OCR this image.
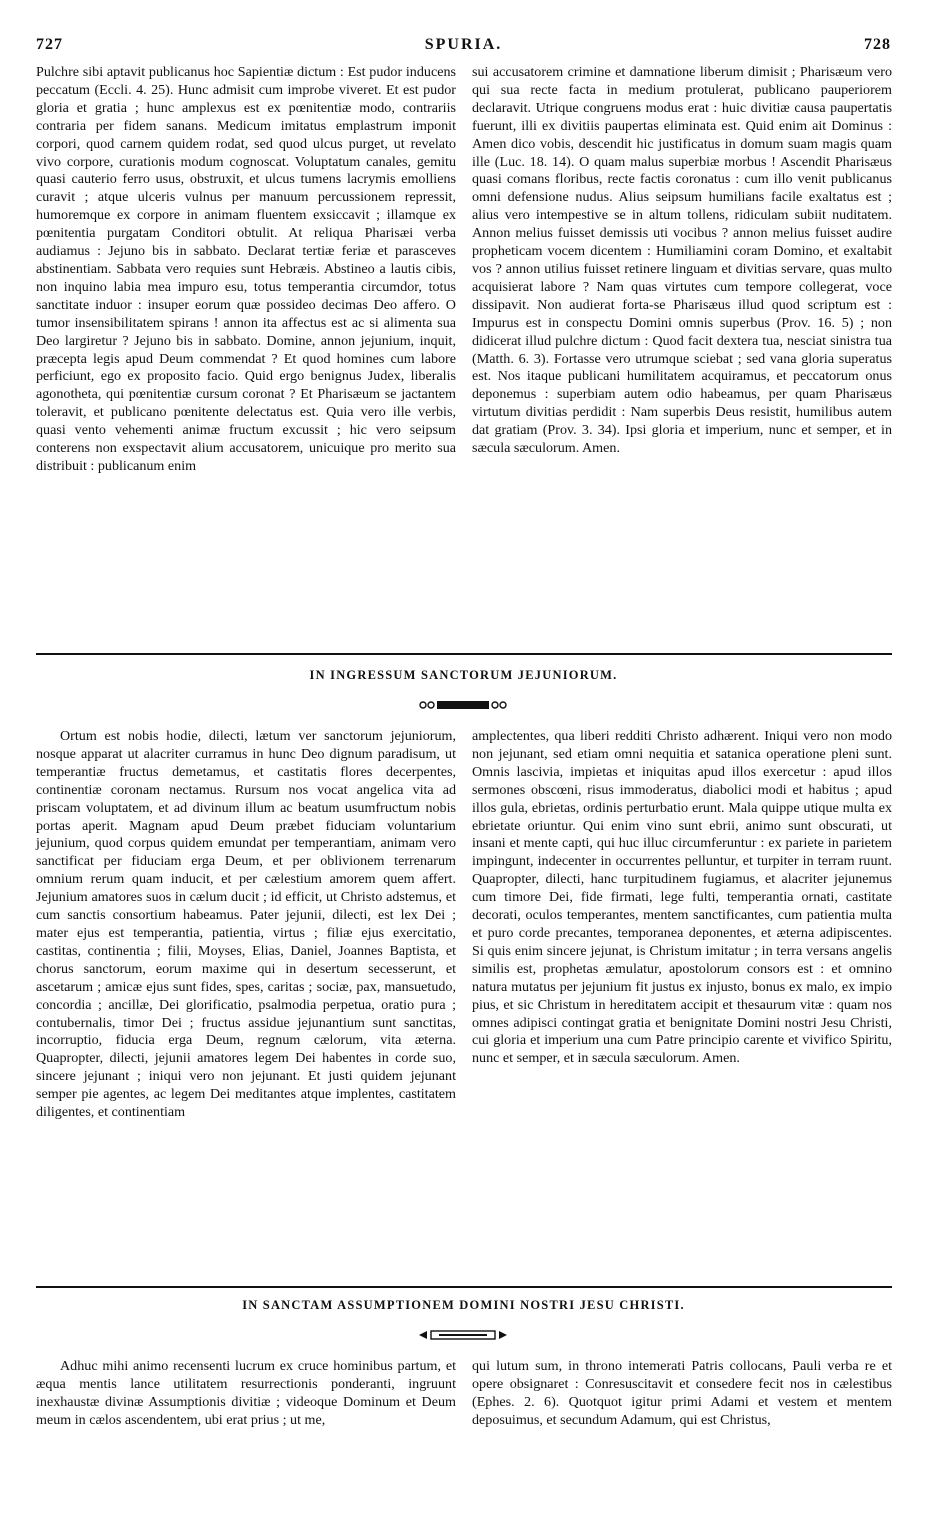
727	SPURIA.	728

Pulchre sibi aptavit publicanus hoc Sapientiæ dictum : Est pudor inducens peccatum (Eccli. 4. 25). Hunc admisit cum improbe viveret. Et est pudor gloria et gratia ; hunc amplexus est ex pœnitentiæ modo, contrariis contraria per fidem sanans. Medicum imitatus emplastrum imponit corpori, quod carnem quidem rodat, sed quod ulcus purget, ut revelato vivo corpore, curationis modum cognoscat. Voluptatum canales, gemitu quasi cauterio ferro usus, obstruxit, et ulcus tumens lacrymis emolliens curavit ; atque ulceris vulnus per manuum percussionem repressit, humoremque ex corpore in animam fluentem exsiccavit ; illamque ex pœnitentia purgatam Conditori obtulit. At reliqua Pharisæi verba audiamus : Jejuno bis in sabbato. Declarat tertiæ feriæ et parasceves abstinentiam. Sabbata vero requies sunt Hebræis. Abstineo a lautis cibis, non inquino labia mea impuro esu, totus temperantia circumdor, totus sanctitate induor : insuper eorum quæ possideo decimas Deo affero. O tumor insensibilitatem spirans ! annon ita affectus est ac si alimenta sua Deo largiretur ? Jejuno bis in sabbato. Domine, annon jejunium, inquit, præcepta legis apud Deum commendat ? Et quod homines cum labore perficiunt, ego ex proposito facio. Quid ergo benignus Judex, liberalis agonotheta, qui pœnitentiæ cursum coronat ? Et Pharisæum se jactantem toleravit, et publicano pœnitente delectatus est. Quia vero ille verbis, quasi vento vehementi animæ fructum excussit ; hic vero seipsum conterens non exspectavit alium accusatorem, unicuique pro merito sua distribuit : publicanum enim

sui accusatorem crimine et damnatione liberum dimisit ; Pharisæum vero qui sua recte facta in medium protulerat, publicano pauperiorem declaravit. Utrique congruens modus erat : huic divitiæ causa paupertatis fuerunt, illi ex divitiis paupertas eliminata est. Quid enim ait Dominus : Amen dico vobis, descendit hic justificatus in domum suam magis quam ille (Luc. 18. 14). O quam malus superbiæ morbus ! Ascendit Pharisæus quasi comans floribus, recte factis coronatus : cum illo venit publicanus omni defensione nudus. Alius seipsum humilians facile exaltatus est ; alius vero intempestive se in altum tollens, ridiculam subiit nuditatem. Annon melius fuisset demissis uti vocibus ? annon melius fuisset audire propheticam vocem dicentem : Humiliamini coram Domino, et exaltabit vos ? annon utilius fuisset retinere linguam et divitias servare, quas multo acquisierat labore ? Nam quas virtutes cum tempore collegerat, voce dissipavit. Non audierat forta-se Pharisæus illud quod scriptum est : Impurus est in conspectu Domini omnis superbus (Prov. 16. 5) ; non didicerat illud pulchre dictum : Quod facit dextera tua, nesciat sinistra tua (Matth. 6. 3). Fortasse vero utrumque sciebat ; sed vana gloria superatus est. Nos itaque publicani humilitatem acquiramus, et peccatorum onus deponemus : superbiam autem odio habeamus, per quam Pharisæus virtutum divitias perdidit : Nam superbis Deus resistit, humilibus autem dat gratiam (Prov. 3. 34). Ipsi gloria et imperium, nunc et semper, et in sæcula sæculorum. Amen.

IN INGRESSUM SANCTORUM JEJUNIORUM.

Ortum est nobis hodie, dilecti, lætum ver sanctorum jejuniorum, nosque apparat ut alacriter curramus in hunc Deo dignum paradisum, ut temperantiæ fructus demetamus, et castitatis flores decerpentes, continentiæ coronam nectamus. Rursum nos vocat angelica vita ad priscam voluptatem, et ad divinum illum ac beatum usumfructum nobis portas aperit. Magnam apud Deum præbet fiduciam voluntarium jejunium, quod corpus quidem emundat per temperantiam, animam vero sanctificat per fiduciam erga Deum, et per oblivionem terrenarum omnium rerum quam inducit, et per cælestium amorem quem affert. Jejunium amatores suos in cælum ducit ; id efficit, ut Christo adstemus, et cum sanctis consortium habeamus. Pater jejunii, dilecti, est lex Dei ; mater ejus est temperantia, patientia, virtus ; filiæ ejus exercitatio, castitas, continentia ; filii, Moyses, Elias, Daniel, Joannes Baptista, et chorus sanctorum, eorum maxime qui in desertum secesserunt, et ascetarum ; amicæ ejus sunt fides, spes, caritas ; sociæ, pax, mansuetudo, concordia ; ancillæ, Dei glorificatio, psalmodia perpetua, oratio pura ; contubernalis, timor Dei ; fructus assidue jejunantium sunt sanctitas, incorruptio, fiducia erga Deum, regnum cælorum, vita æterna. Quapropter, dilecti, jejunii amatores legem Dei habentes in corde suo, sincere jejunant ; iniqui vero non jejunant. Et justi quidem jejunant semper pie agentes, ac legem Dei meditantes atque implentes, castitatem diligentes, et continentiam

amplectentes, qua liberi redditi Christo adhærent. Iniqui vero non modo non jejunant, sed etiam omni nequitia et satanica operatione pleni sunt. Omnis lascivia, impietas et iniquitas apud illos exercetur : apud illos sermones obscœni, risus immoderatus, diabolici modi et habitus ; apud illos gula, ebrietas, ordinis perturbatio erunt. Mala quippe utique multa ex ebrietate oriuntur. Qui enim vino sunt ebrii, animo sunt obscurati, ut insani et mente capti, qui huc illuc circumferuntur : ex pariete in parietem impingunt, indecenter in occurrentes pelluntur, et turpiter in terram ruunt. Quapropter, dilecti, hanc turpitudinem fugiamus, et alacriter jejunemus cum timore Dei, fide firmati, lege fulti, temperantia ornati, castitate decorati, oculos temperantes, mentem sanctificantes, cum patientia multa et puro corde precantes, temporanea deponentes, et æterna adipiscentes. Si quis enim sincere jejunat, is Christum imitatur ; in terra versans angelis similis est, prophetas æmulatur, apostolorum consors est : et omnino natura mutatus per jejunium fit justus ex injusto, bonus ex malo, ex impio pius, et sic Christum in hereditatem accipit et thesaurum vitæ : quam nos omnes adipisci contingat gratia et benignitate Domini nostri Jesu Christi, cui gloria et imperium una cum Patre principio carente et vivifico Spiritu, nunc et semper, et in sæcula sæculorum. Amen.

IN SANCTAM ASSUMPTIONEM DOMINI NOSTRI JESU CHRISTI.

Adhuc mihi animo recensenti lucrum ex cruce hominibus partum, et æqua mentis lance utilitatem resurrectionis ponderanti, ingruunt inexhaustæ divinæ Assumptionis divitiæ ; videoque Dominum et Deum meum in cælos ascendentem, ubi erat prius ; ut me,

qui lutum sum, in throno intemerati Patris collocans, Pauli verba re et opere obsignaret : Conresuscitavit et consedere fecit nos in cælestibus (Ephes. 2. 6). Quotquot igitur primi Adami et vestem et mentem deposuimus, et secundum Adamum, qui est Christus,
